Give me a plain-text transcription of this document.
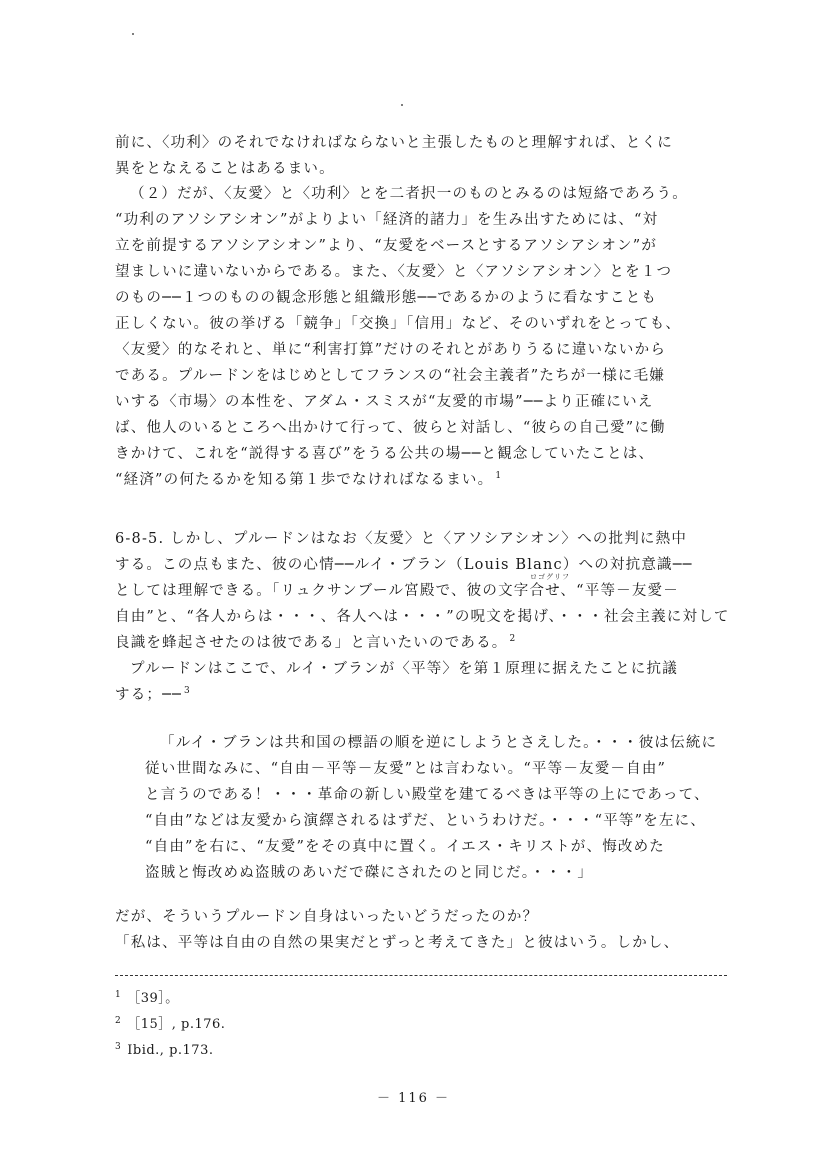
前に、〈功利〉のそれでなければならないと主張したものと理解すれば、とくに
異をとなえることはあるまい。
（２）だが、〈友愛〉と〈功利〉とを二者択一のものとみるのは短絡であろう。
“功利のアソシアシオン”がよりよい「経済的諸力」を生み出すためには、“対
立を前提するアソシアシオン”より、“友愛をベースとするアソシアシオン”が
望ましいに違いないからである。また、〈友愛〉と〈アソシアシオン〉とを１つ
のもの──１つのものの観念形態と組織形態──であるかのように看なすことも
正しくない。彼の挙げる「競争」「交換」「信用」など、そのいずれをとっても、
〈友愛〉的なそれと、単に“利害打算”だけのそれとがありうるに違いないから
である。プルードンをはじめとしてフランスの“社会主義者”たちが一様に毛嫌
いする〈市場〉の本性を、アダム・スミスが“友愛的市場”──より正確にいえ
ば、他人のいるところへ出かけて行って、彼らと対話し、“彼らの自己愛”に働
きかけて、これを“説得する喜び”をうる公共の場──と観念していたことは、
“経済”の何たるかを知る第１歩でなければなるまい。 $^1$
6-8-5. しかし、プルードンはなお〈友愛〉と〈アソシアシオン〉への批判に熱中
する。この点もまた、彼の心情──ルイ・ブラン（Louis Blanc）への対抗意識──
ロゴグリフ
としては理解できる。「リュクサンブール宮殿で、彼の文字合せ、“平等－友愛－
自由”と、“各人からは・・・、各人へは・・・”の呪文を掲げ、・・・社会主義に対して
良識を蜂起させたのは彼である」と言いたいのである。 $^2$
プルードンはここで、ルイ・ブランが〈平等〉を第１原理に据えたことに抗議
する；── $^3$
「ルイ・ブランは共和国の標語の順を逆にしようとさえした。・・・彼は伝統に
従い世間なみに、“自由－平等－友愛”とは言わない。“平等－友愛－自由”
と言うのである！・・・革命の新しい殿堂を建てるべきは平等の上にであって、
“自由”などは友愛から演繹されるはずだ、というわけだ。・・・“平等”を左に、
“自由”を右に、“友愛”をその真中に置く。イエス・キリストが、悔改めた
盗賊と悔改めぬ盗賊のあいだで磔にされたのと同じだ。・・・」
だが、そういうプルードン自身はいったいどうだったのか？
「私は、平等は自由の自然の果実だとずっと考えてきた」と彼はいう。しかし、
$^1$ ［39］。
$^2$ ［15］, p.176.
$^3$ Ibid., p.173.
－ 116 －
